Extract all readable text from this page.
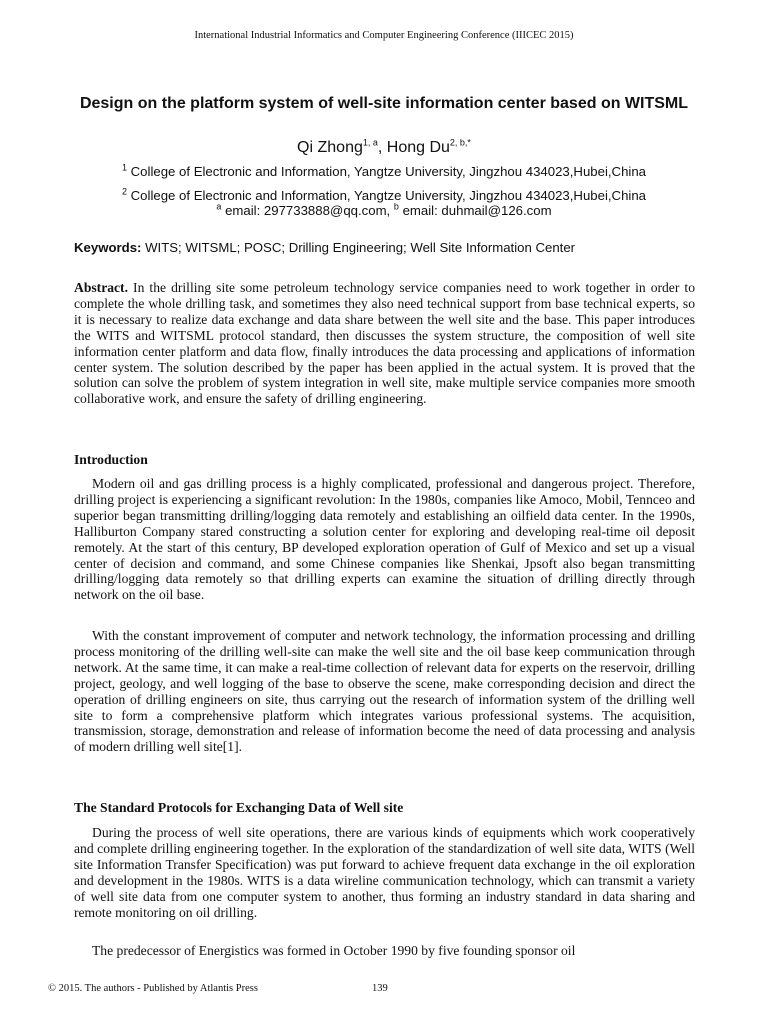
International Industrial Informatics and Computer Engineering Conference (IIICEC 2015)
Design on the platform system of well-site information center based on WITSML
Qi Zhong$^{1, a}$, Hong $Du^{2, b,*}$
$^1$ College of Electronic and Information, Yangtze University, Jingzhou 434023,Hubei,China
$^2$ College of Electronic and Information, Yangtze University, Jingzhou 434023,Hubei,China
$^a$ email: 297733888@qq.com, $^b$ email: duhmail@126.com
Keywords: WITS; WITSML; POSC; Drilling Engineering; Well Site Information Center

Abstract. In the drilling site some petroleum technology service companies need to work together in order to complete the whole drilling task, and sometimes they also need technical support from base technical experts, so it is necessary to realize data exchange and data share between the well site and the base. This paper introduces the WITS and WITSML protocol standard, then discusses the system structure, the composition of well site information center platform and data flow, finally introduces the data processing and applications of information center system. The solution described by the paper has been applied in the actual system. It is proved that the solution can solve the problem of system integration in well site, make multiple service companies more smooth collaborative work, and ensure the safety of drilling engineering.

Introduction

Modern oil and gas drilling process is a highly complicated, professional and dangerous project. Therefore, drilling project is experiencing a significant revolution: In the 1980s, companies like Amoco, Mobil, Tennceo and superior began transmitting drilling/logging data remotely and establishing an oilfield data center. In the 1990s, Halliburton Company stared constructing a solution center for exploring and developing real-time oil deposit remotely. At the start of this century, BP developed exploration operation of Gulf of Mexico and set up a visual center of decision and command, and some Chinese companies like Shenkai, Jpsoft also began transmitting drilling/logging data remotely so that drilling experts can examine the situation of drilling directly through network on the oil base.

With the constant improvement of computer and network technology, the information processing and drilling process monitoring of the drilling well-site can make the well site and the oil base keep communication through network. At the same time, it can make a real-time collection of relevant data for experts on the reservoir, drilling project, geology, and well logging of the base to observe the scene, make corresponding decision and direct the operation of drilling engineers on site, thus carrying out the research of information system of the drilling well site to form a comprehensive platform which integrates various professional systems. The acquisition, transmission, storage, demonstration and release of information become the need of data processing and analysis of modern drilling well site[1].

The Standard Protocols for Exchanging Data of Well site

During the process of well site operations, there are various kinds of equipments which work cooperatively and complete drilling engineering together. In the exploration of the standardization of well site data, WITS (Well site Information Transfer Specification) was put forward to achieve frequent data exchange in the oil exploration and development in the 1980s. WITS is a data wireline communication technology, which can transmit a variety of well site data from one computer system to another, thus forming an industry standard in data sharing and remote monitoring on oil drilling.

The predecessor of Energistics was formed in October 1990 by five founding sponsor oil

© 2015. The authors - Published by Atlantis Press	139
